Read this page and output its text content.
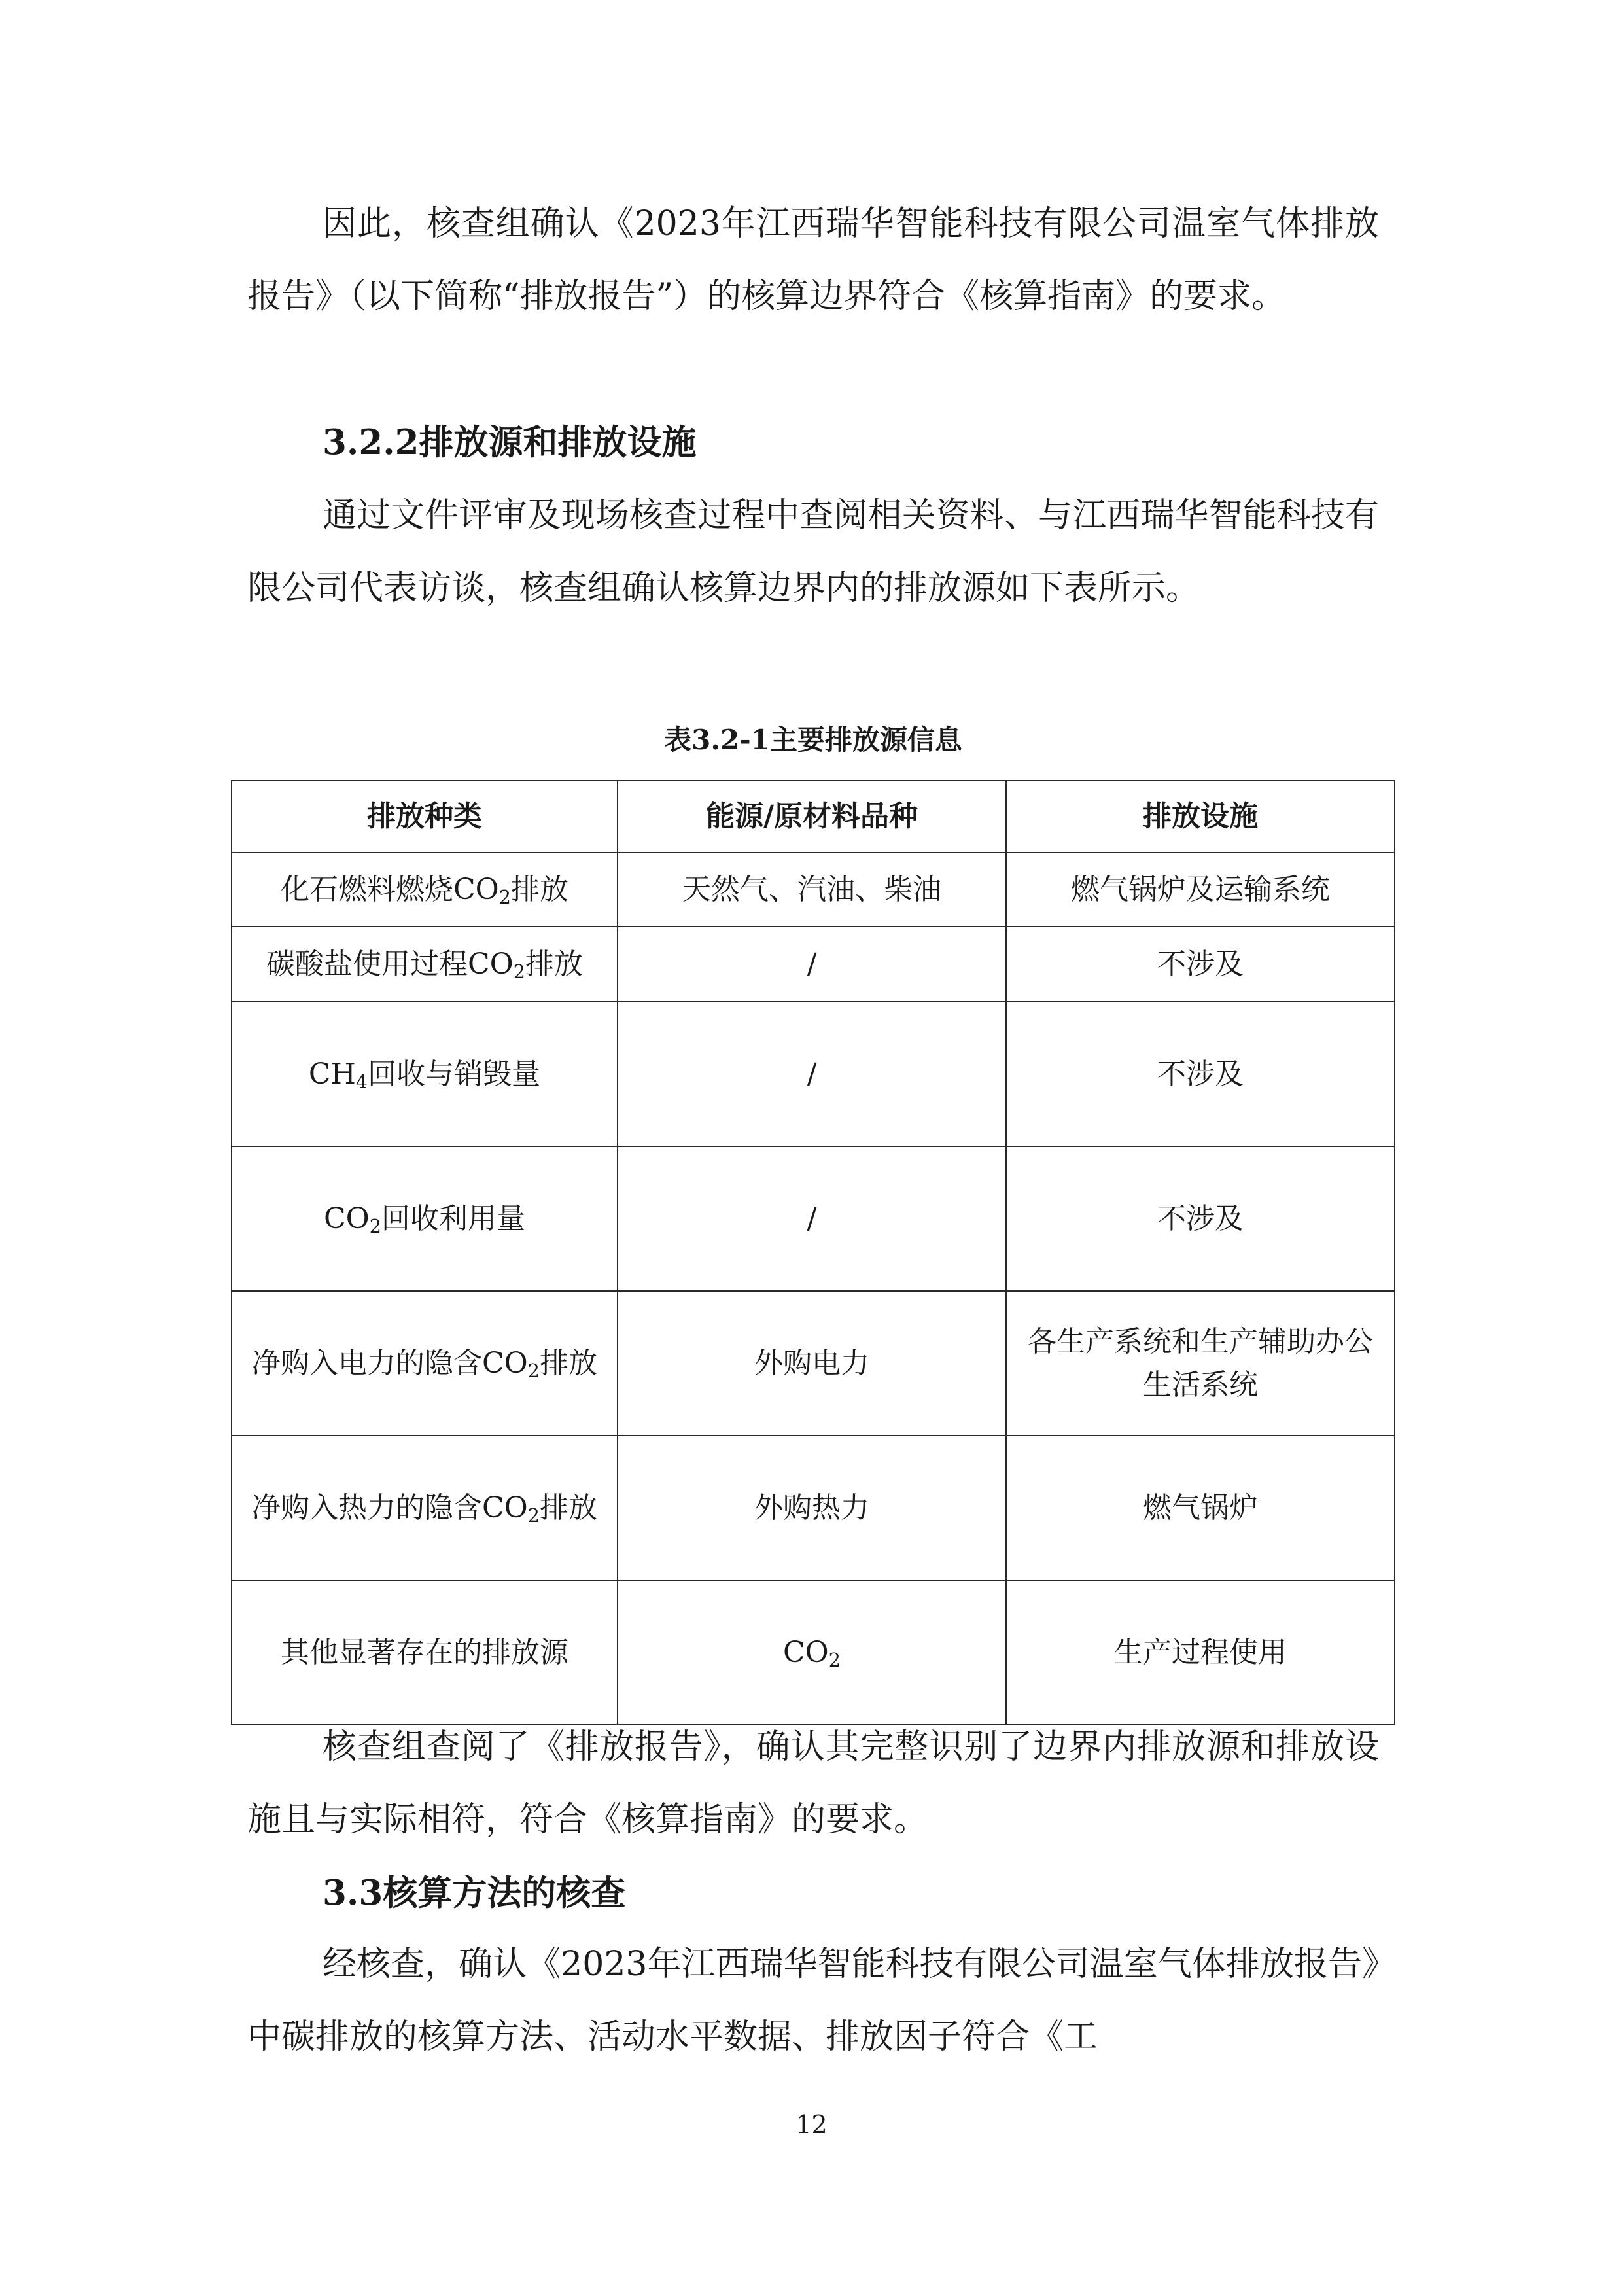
因此，核查组确认《2023年江西瑞华智能科技有限公司温室气体排放报告》（以下简称“排放报告”）的核算边界符合《核算指南》的要求。

3.2.2排放源和排放设施

通过文件评审及现场核查过程中查阅相关资料、与江西瑞华智能科技有限公司代表访谈，核查组确认核算边界内的排放源如下表所示。

表3.2-1主要排放源信息

排放种类	能源/原材料品种	排放设施
化石燃料燃烧$CO_2$排放	天然气、汽油、柴油	燃气锅炉及运输系统
碳酸盐使用过程$CO_2$排放	/	不涉及
$CH_4$回收与销毁量	/	不涉及
$CO_2$回收利用量	/	不涉及
净购入电力的隐含$CO_2$排放	外购电力	各生产系统和生产辅助办公生活系统
净购入热力的隐含$CO_2$排放	外购热力	燃气锅炉
其他显著存在的排放源	$CO_2$	生产过程使用

核查组查阅了《排放报告》，确认其完整识别了边界内排放源和排放设施且与实际相符，符合《核算指南》的要求。

3.3核算方法的核查

经核查，确认《2023年江西瑞华智能科技有限公司温室气体排放报告》中碳排放的核算方法、活动水平数据、排放因子符合《工

12
